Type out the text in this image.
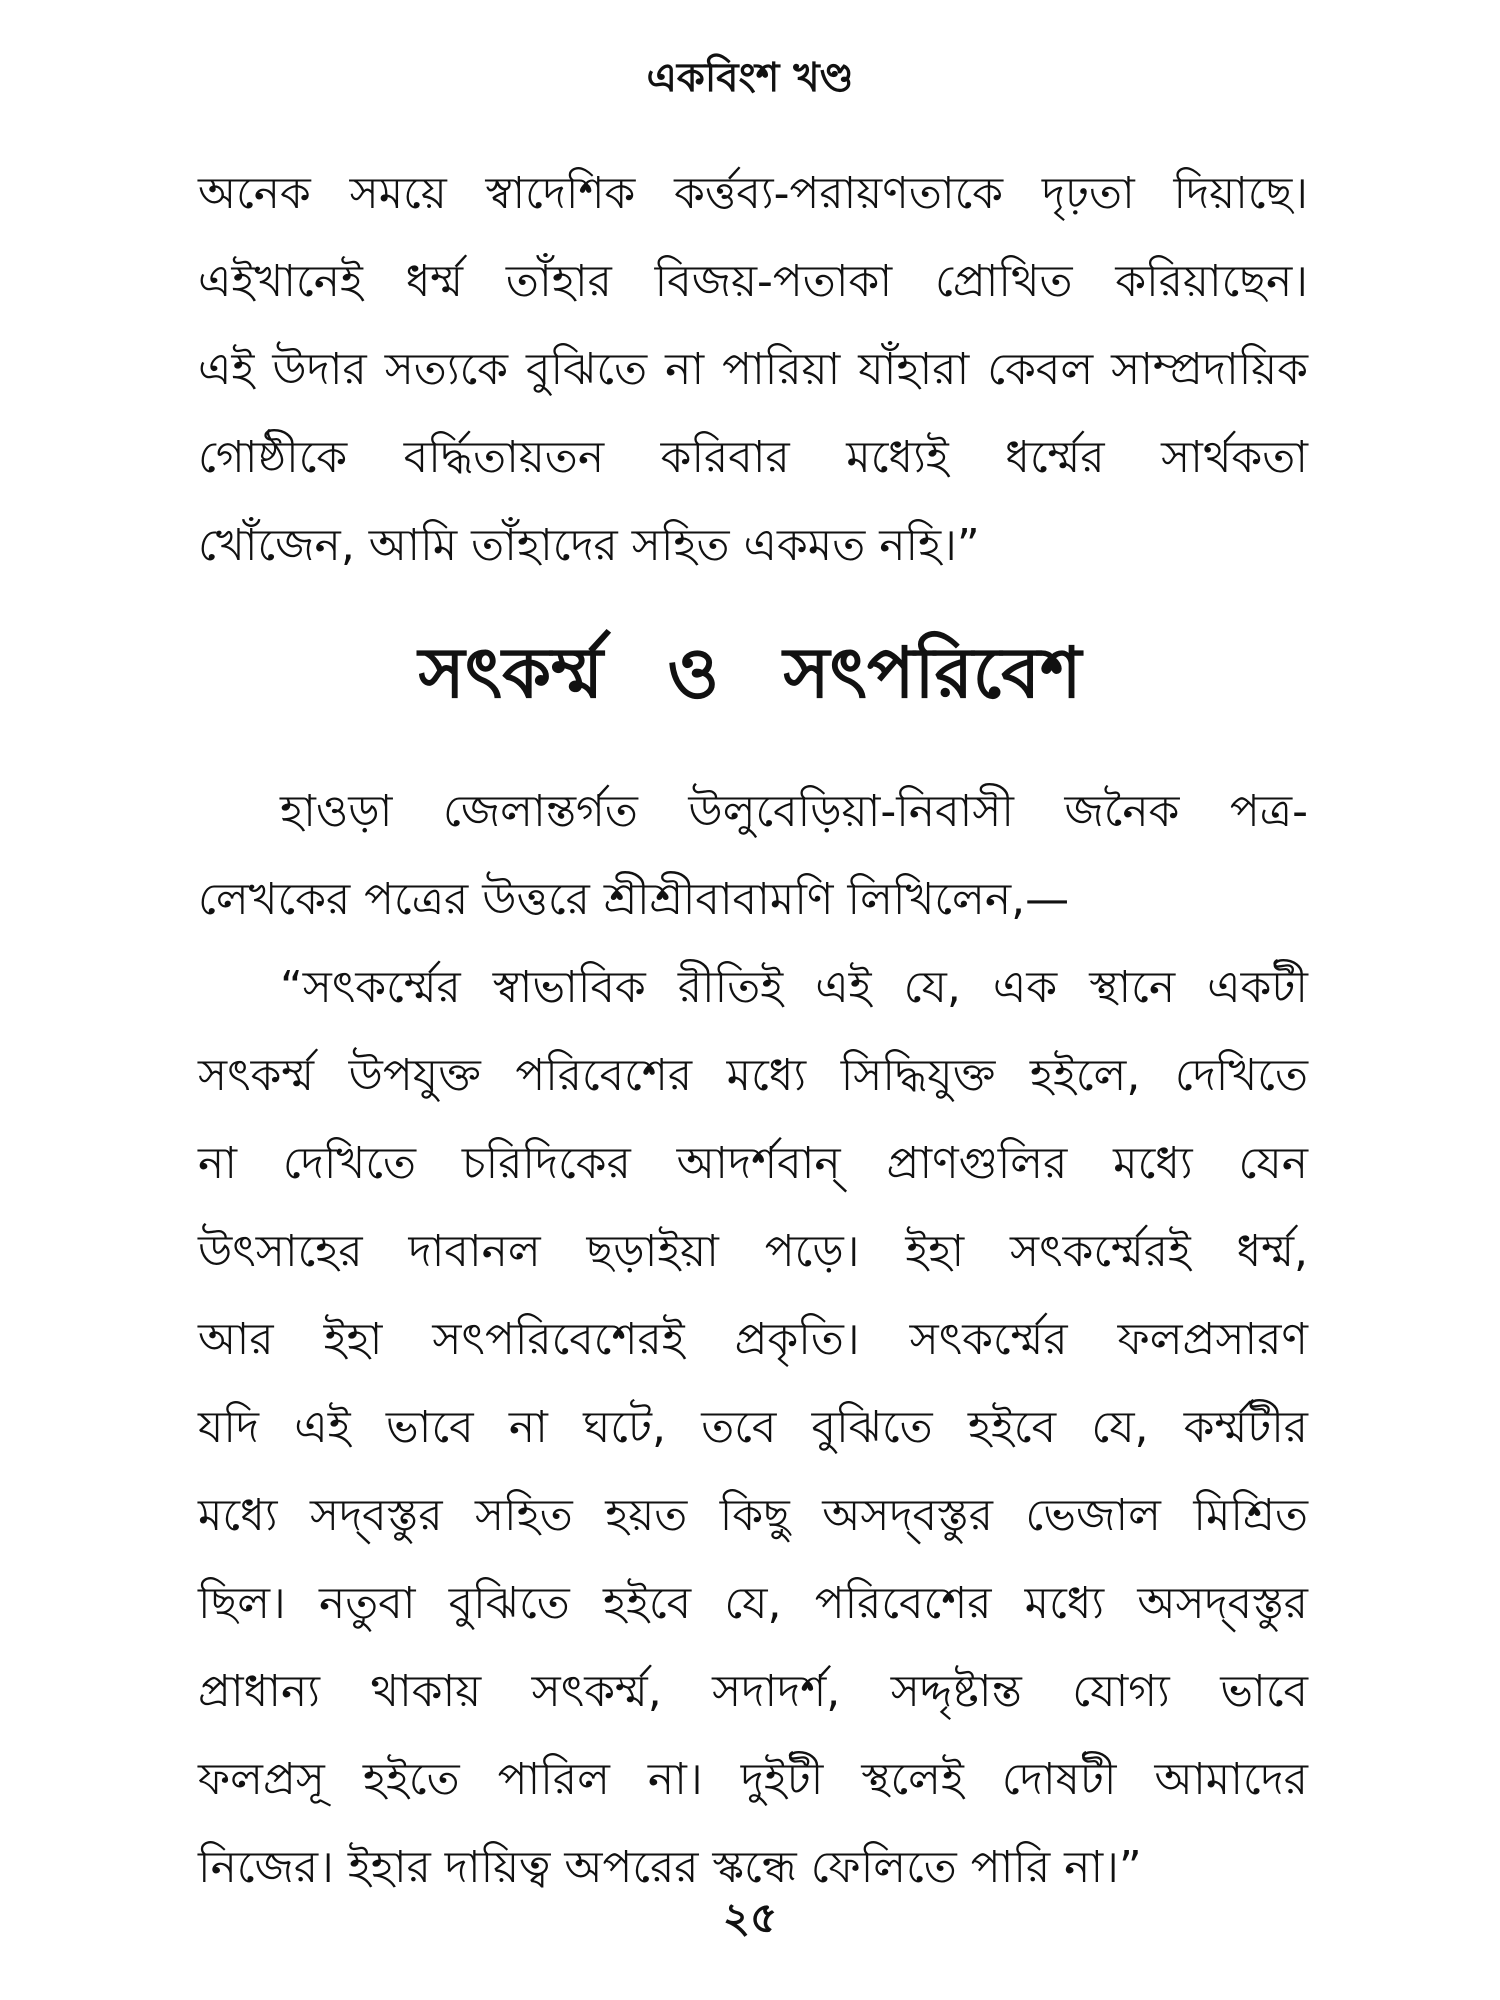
একবিংশ খণ্ড
অনেক সময়ে স্বাদেশিক কর্ত্তব্য-পরায়ণতাকে দৃঢ়তা দিয়াছে।
এইখানেই ধর্ম্ম তাঁহার বিজয়-পতাকা প্রোথিত করিয়াছেন।
এই উদার সত্যকে বুঝিতে না পারিয়া যাঁহারা কেবল সাম্প্রদায়িক
গোষ্ঠীকে বর্দ্ধিতায়তন করিবার মধ্যেই ধর্ম্মের সার্থকতা
খোঁজেন, আমি তাঁহাদের সহিত একমত নহি।”
সৎকর্ম্ম ও সৎপরিবেশ
হাওড়া জেলান্তর্গত উলুবেড়িয়া-নিবাসী জনৈক পত্র-
লেখকের পত্রের উত্তরে শ্রীশ্রীবাবামণি লিখিলেন,—
“সৎকর্ম্মের স্বাভাবিক রীতিই এই যে, এক স্থানে একটী
সৎকর্ম্ম উপযুক্ত পরিবেশের মধ্যে সিদ্ধিযুক্ত হইলে, দেখিতে
না দেখিতে চরিদিকের আদর্শবান্ প্রাণগুলির মধ্যে যেন
উৎসাহের দাবানল ছড়াইয়া পড়ে। ইহা সৎকর্ম্মেরই ধর্ম্ম,
আর ইহা সৎপরিবেশেরই প্রকৃতি। সৎকর্ম্মের ফলপ্রসারণ
যদি এই ভাবে না ঘটে, তবে বুঝিতে হইবে যে, কর্ম্মটীর
মধ্যে সদ্‌বস্তুর সহিত হয়ত কিছু অসদ্‌বস্তুর ভেজাল মিশ্রিত
ছিল। নতুবা বুঝিতে হইবে যে, পরিবেশের মধ্যে অসদ্‌বস্তুর
প্রাধান্য থাকায় সৎকর্ম্ম, সদাদর্শ, সদ্দৃষ্টান্ত যোগ্য ভাবে
ফলপ্রসূ হইতে পারিল না। দুইটী স্থলেই দোষটী আমাদের
নিজের। ইহার দায়িত্ব অপরের স্কন্ধে ফেলিতে পারি না।”
২৫
